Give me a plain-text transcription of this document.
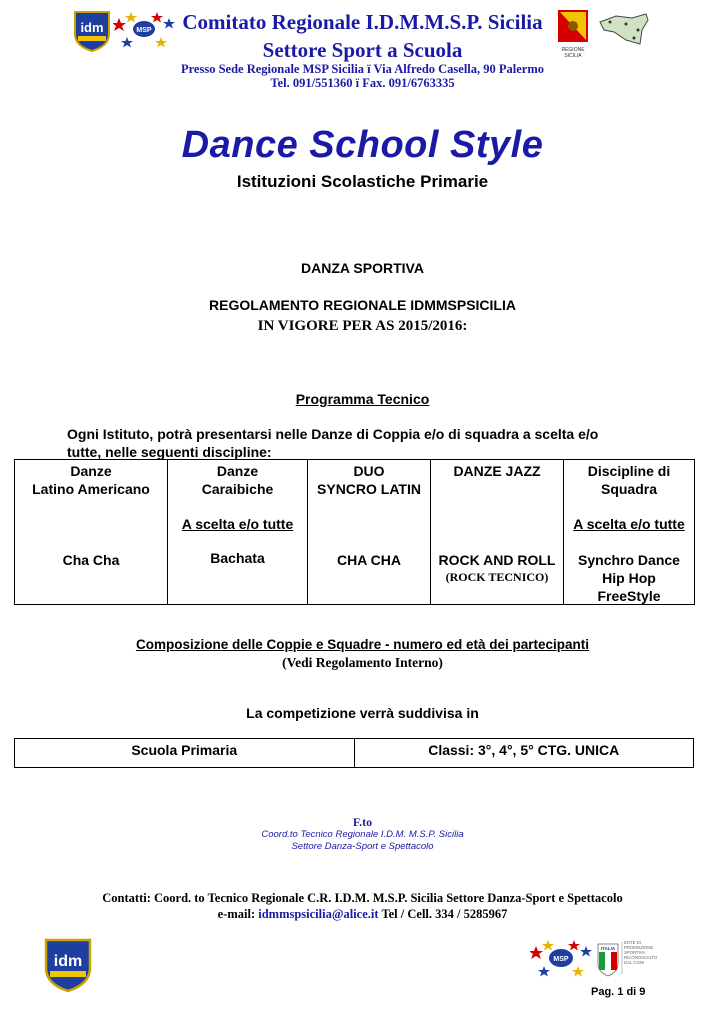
idm	MSP
REGIONE SICILIA
Comitato Regionale I.D.M.M.S.P. Sicilia
Settore Sport a Scuola
Presso Sede Regionale MSP Sicilia ï Via Alfredo Casella, 90 Palermo
Tel. 091/551360 ï Fax. 091/6763335
Dance School Style
Istituzioni Scolastiche Primarie
DANZA SPORTIVA
REGOLAMENTO REGIONALE IDMMSPSICILIA
IN VIGORE PER AS 2015/2016:
Programma Tecnico
Ogni Istituto, potrà presentarsi nelle Danze di Coppia e/o di squadra a scelta e/o
tutte, nelle seguenti discipline:
Danze
Latino Americano
Cha Cha

Danze
Caraibiche
A scelta e/o tutte
Bachata

DUO
SYNCRO LATIN
CHA CHA

DANZE JAZZ
ROCK AND ROLL
(ROCK TECNICO)

Discipline di
Squadra
A scelta e/o tutte
Synchro Dance
Hip Hop
FreeStyle
Composizione delle Coppie e Squadre - numero ed età dei partecipanti
(Vedi Regolamento Interno)
La competizione verrà suddivisa in
Scuola Primaria	Classi: 3°, 4°, 5° CTG. UNICA
F.to
Coord.to Tecnico Regionale I.D.M. M.S.P. Sicilia
Settore Danza-Sport e Spettacolo
Contatti: Coord. to Tecnico Regionale C.R. I.D.M. M.S.P. Sicilia Settore Danza-Sport e Spettacolo
e-mail: idmmspsicilia@alice.it Tel / Cell. 334 / 5285967
idm	MSP
ITALIA
ENTE DI PROMOZIONE SPORTIVA RICONOSCIUTO DAL CONI
Pag. 1 di 9
